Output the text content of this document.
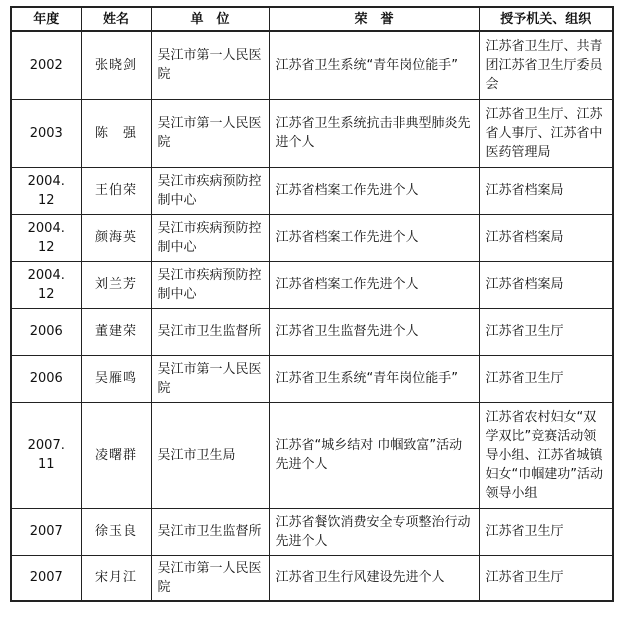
年度	姓名	单　位	荣　誉	授予机关、组织
2002	张晓剑	吴江市第一人民医院	江苏省卫生系统“青年岗位能手”	江苏省卫生厅、共青团江苏省卫生厅委员会
2003	陈　强	吴江市第一人民医院	江苏省卫生系统抗击非典型肺炎先进个人	江苏省卫生厅、江苏省人事厅、江苏省中医药管理局
2004. 12	王伯荣	吴江市疾病预防控制中心	江苏省档案工作先进个人	江苏省档案局
2004. 12	颜海英	吴江市疾病预防控制中心	江苏省档案工作先进个人	江苏省档案局
2004. 12	刘兰芳	吴江市疾病预防控制中心	江苏省档案工作先进个人	江苏省档案局
2006	董建荣	吴江市卫生监督所	江苏省卫生监督先进个人	江苏省卫生厅
2006	吴雁鸣	吴江市第一人民医院	江苏省卫生系统“青年岗位能手”	江苏省卫生厅
2007. 11	凌曙群	吴江市卫生局	江苏省“城乡结对 巾帼致富”活动先进个人	江苏省农村妇女“双学双比”竞赛活动领导小组、江苏省城镇妇女“巾帼建功”活动领导小组
2007	徐玉良	吴江市卫生监督所	江苏省餐饮消费安全专项整治行动先进个人	江苏省卫生厅
2007	宋月江	吴江市第一人民医院	江苏省卫生行风建设先进个人	江苏省卫生厅
